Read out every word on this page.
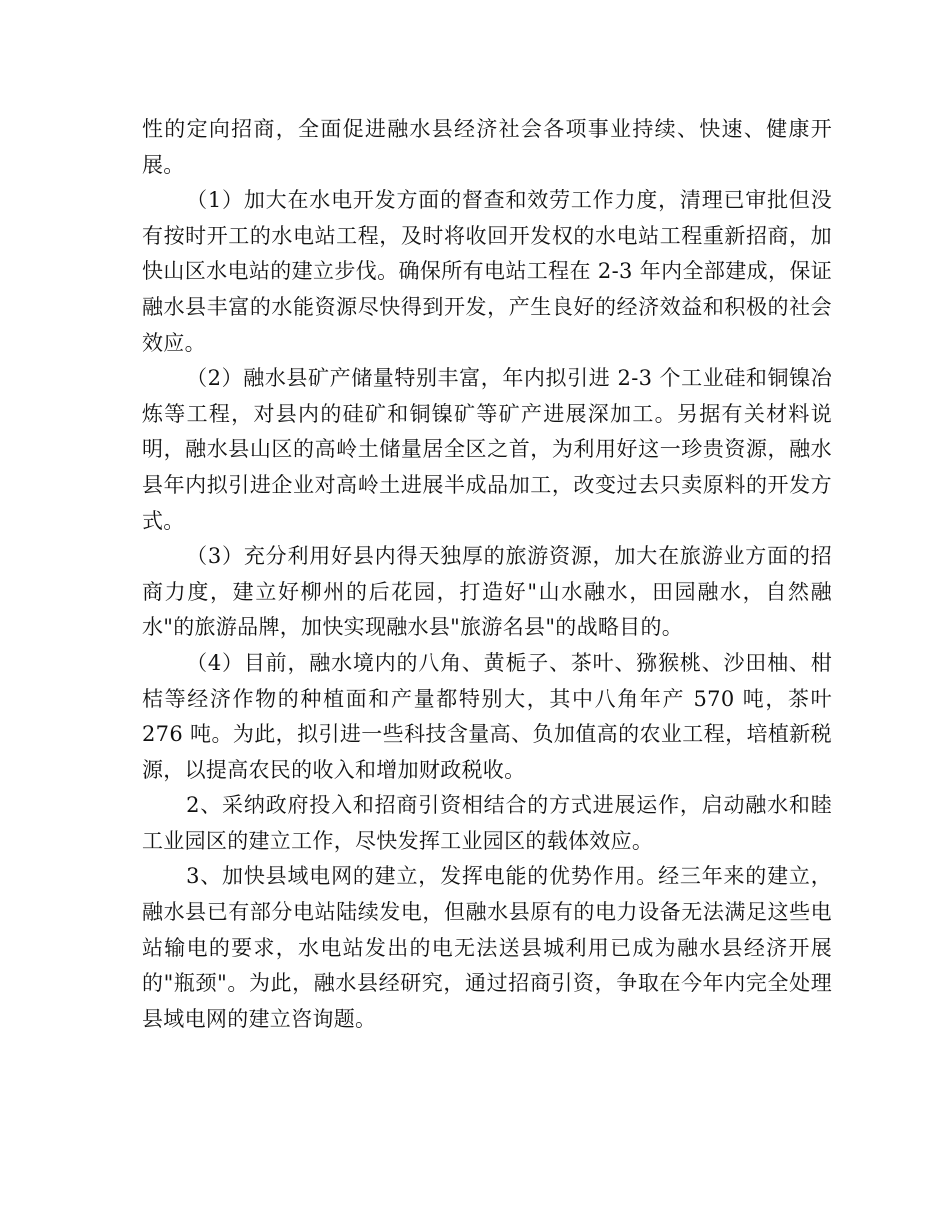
性的定向招商，全面促进融水县经济社会各项事业持续、快速、健康开展。

（1）加大在水电开发方面的督查和效劳工作力度，清理已审批但没有按时开工的水电站工程，及时将收回开发权的水电站工程重新招商，加快山区水电站的建立步伐。确保所有电站工程在 2-3 年内全部建成，保证融水县丰富的水能资源尽快得到开发，产生良好的经济效益和积极的社会效应。

（2）融水县矿产储量特别丰富，年内拟引进 2-3 个工业硅和铜镍冶炼等工程，对县内的硅矿和铜镍矿等矿产进展深加工。另据有关材料说明，融水县山区的高岭土储量居全区之首，为利用好这一珍贵资源，融水县年内拟引进企业对高岭土进展半成品加工，改变过去只卖原料的开发方式。

（3）充分利用好县内得天独厚的旅游资源，加大在旅游业方面的招商力度，建立好柳州的后花园，打造好"山水融水，田园融水，自然融水"的旅游品牌，加快实现融水县"旅游名县"的战略目的。

（4）目前，融水境内的八角、黄栀子、茶叶、猕猴桃、沙田柚、柑桔等经济作物的种植面和产量都特别大，其中八角年产 570 吨，茶叶 276 吨。为此，拟引进一些科技含量高、负加值高的农业工程，培植新税源，以提高农民的收入和增加财政税收。

2、采纳政府投入和招商引资相结合的方式进展运作，启动融水和睦工业园区的建立工作，尽快发挥工业园区的载体效应。

3、加快县域电网的建立，发挥电能的优势作用。经三年来的建立，融水县已有部分电站陆续发电，但融水县原有的电力设备无法满足这些电站输电的要求，水电站发出的电无法送县城利用已成为融水县经济开展的"瓶颈"。为此，融水县经研究，通过招商引资，争取在今年内完全处理县域电网的建立咨询题。
